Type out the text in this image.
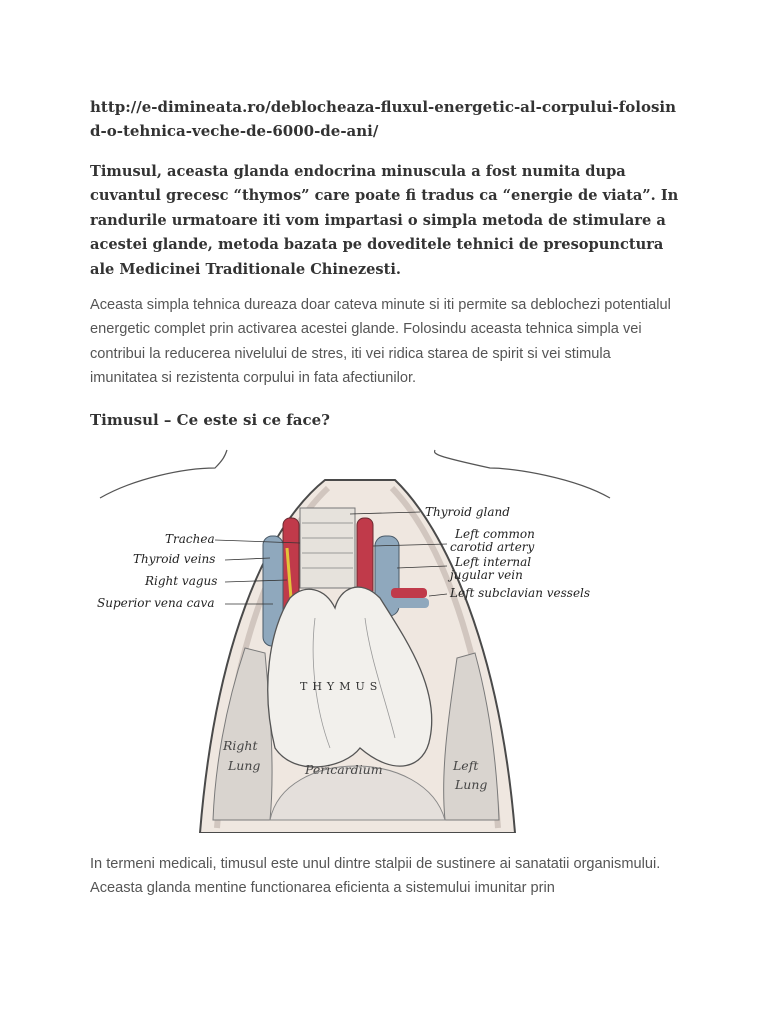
http://e-dimineata.ro/deblocheaza-fluxul-energetic-al-corpului-folosind-o-tehnica-veche-de-6000-de-ani/
Timusul, aceasta glanda endocrina minuscula a fost numita dupa cuvantul grecesc “thymos” care poate fi tradus ca “energie de viata”. In randurile urmatoare iti vom impartasi o simpla metoda de stimulare a acestei glande, metoda bazata pe doveditele tehnici de presopunctura ale Medicinei Traditionale Chinezesti.
Aceasta simpla tehnica dureaza doar cateva minute si iti permite sa deblochezi potentialul energetic complet prin activarea acestei glande. Folosindu aceasta tehnica simpla vei contribui la reducerea nivelului de stres, iti vei ridica starea de spirit si vei stimula imunitatea si rezistenta corpului in fata afectiunilor.
Timusul – Ce este si ce face?
Trachea
Thyroid veins
Right vagus
Superior vena cava
Thyroid gland
Left common
carotid artery
Left internal
jugular vein
Left subclavian vessels
THYMUS
Right
Lung	Pericardium	Left
Lung
In termeni medicali, timusul este unul dintre stalpii de sustinere ai sanatatii organismului. Aceasta glanda mentine functionarea eficienta a sistemului imunitar prin
